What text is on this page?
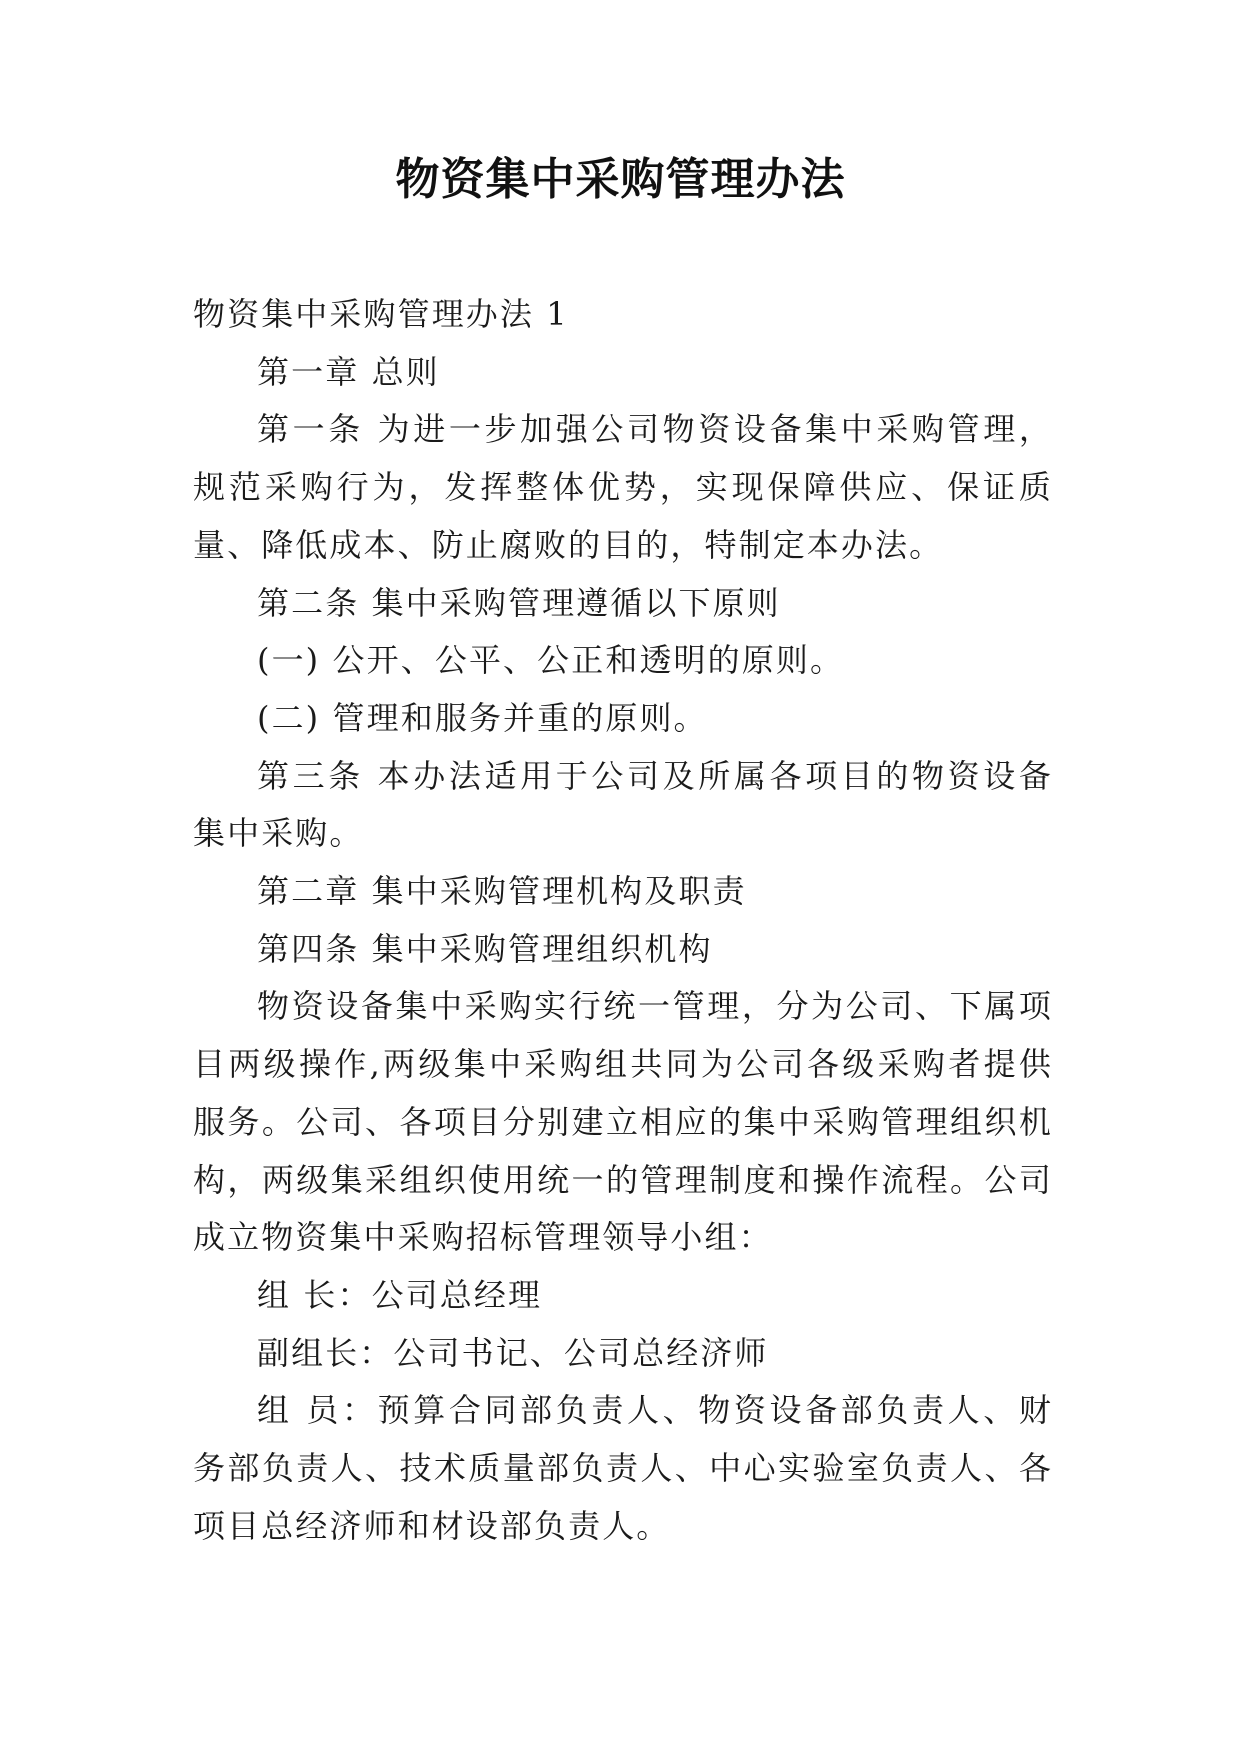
物资集中采购管理办法

物资集中采购管理办法 1

第一章 总则

第一条 为进一步加强公司物资设备集中采购管理，规范采购行为，发挥整体优势，实现保障供应、保证质量、降低成本、防止腐败的目的，特制定本办法。

第二条 集中采购管理遵循以下原则

(一) 公开、公平、公正和透明的原则。

(二) 管理和服务并重的原则。

第三条 本办法适用于公司及所属各项目的物资设备集中采购。

第二章 集中采购管理机构及职责

第四条 集中采购管理组织机构

物资设备集中采购实行统一管理，分为公司、下属项目两级操作,两级集中采购组共同为公司各级采购者提供服务。公司、各项目分别建立相应的集中采购管理组织机构，两级集采组织使用统一的管理制度和操作流程。公司成立物资集中采购招标管理领导小组：

组 长：公司总经理

副组长：公司书记、公司总经济师

组 员：预算合同部负责人、物资设备部负责人、财务部负责人、技术质量部负责人、中心实验室负责人、各项目总经济师和材设部负责人。
